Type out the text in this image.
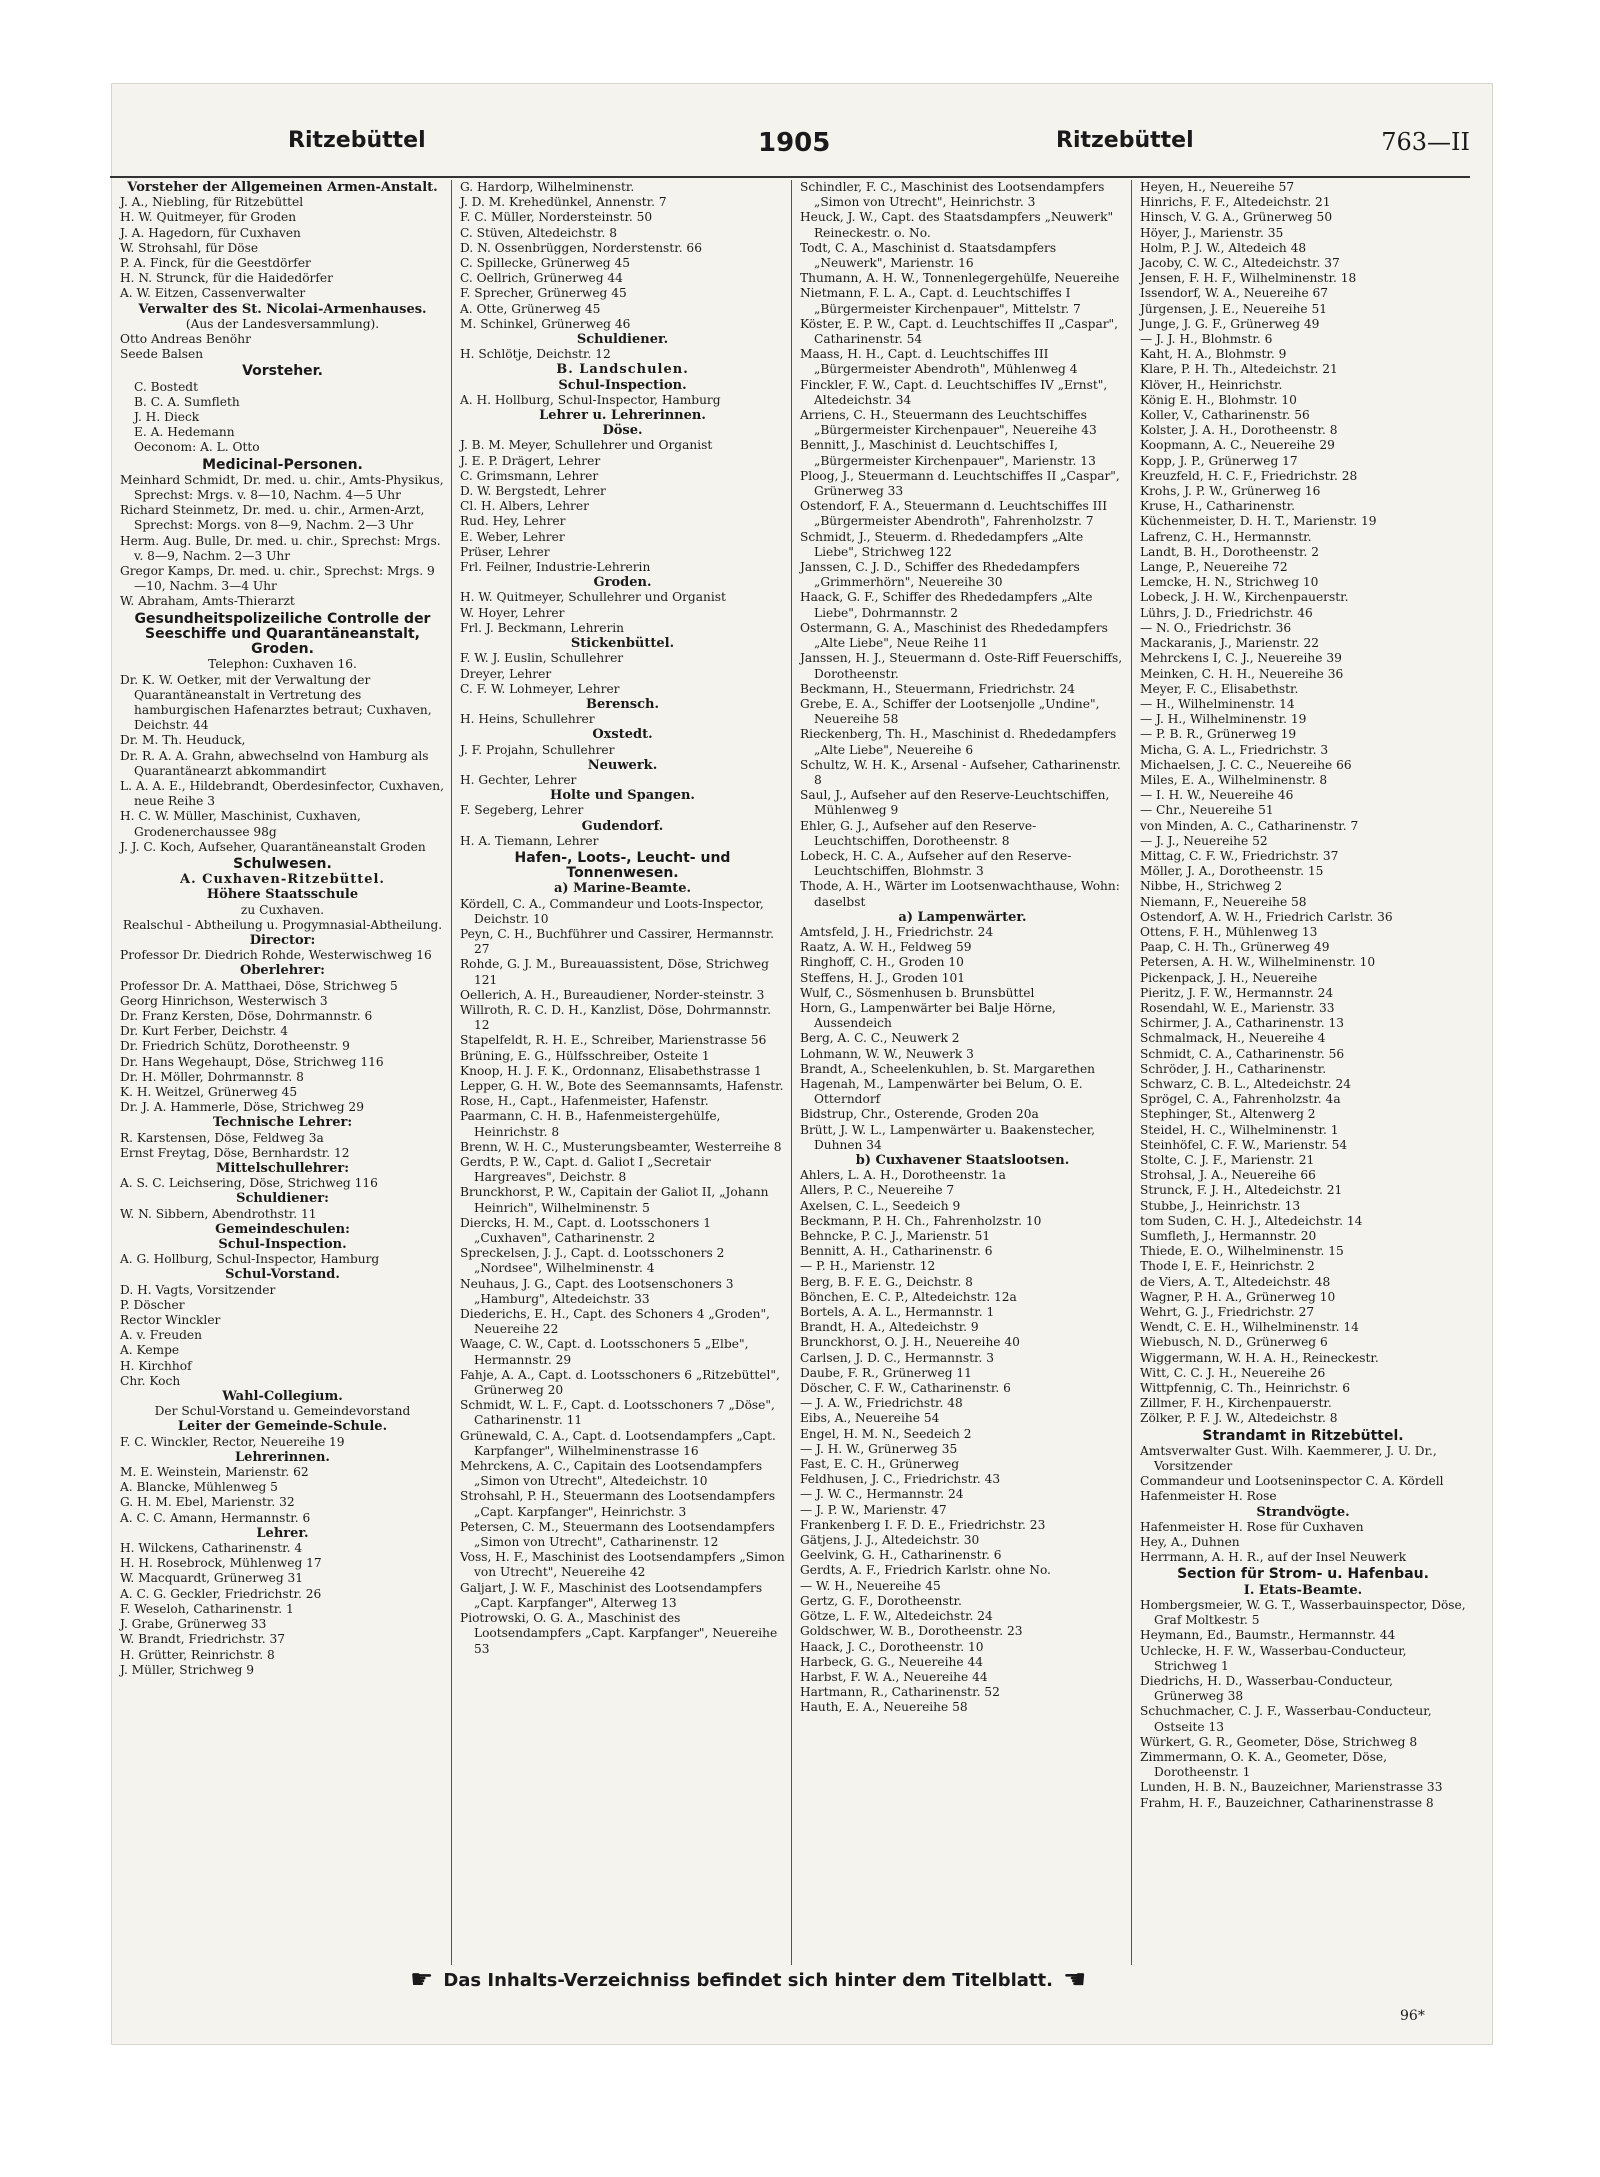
Ritzebüttel	1905	Ritzebüttel	763—II

Vorsteher der Allgemeinen Armen-Anstalt.

J. A., Niebling, für Ritzebüttel

H. W. Quitmeyer, für Groden

J. A. Hagedorn, für Cuxhaven

W. Strohsahl, für Döse

P. A. Finck, für die Geestdörfer

H. N. Strunck, für die Haidedörfer

A. W. Eitzen, Cassenverwalter

Verwalter des St. Nicolai-Armenhauses.

(Aus der Landesversammlung).

Otto Andreas Benöhr

Seede Balsen

Vorsteher.

C. Bostedt

B. C. A. Sumfleth

J. H. Dieck

E. A. Hedemann

Oeconom: A. L. Otto

Medicinal-Personen.

Meinhard Schmidt, Dr. med. u. chir., Amts-Physikus, Sprechst: Mrgs. v. 8—10, Nachm. 4—5 Uhr

Richard Steinmetz, Dr. med. u. chir., Armen-Arzt, Sprechst: Morgs. von 8—9, Nachm. 2—3 Uhr

Herm. Aug. Bulle, Dr. med. u. chir., Sprechst: Mrgs. v. 8—9, Nachm. 2—3 Uhr

Gregor Kamps, Dr. med. u. chir., Sprechst: Mrgs. 9—10, Nachm. 3—4 Uhr

W. Abraham, Amts-Thierarzt

Gesundheitspolizeiliche Controlle der Seeschiffe und Quarantäneanstalt, Groden.

Telephon: Cuxhaven 16.

Dr. K. W. Oetker, mit der Verwaltung der Quarantäneanstalt in Vertretung des hamburgischen Hafenarztes betraut; Cuxhaven, Deichstr. 44

Dr. M. Th. Heuduck,

Dr. R. A. A. Grahn, abwechselnd von Hamburg als Quarantänearzt abkommandirt

L. A. A. E., Hildebrandt, Oberdesinfector, Cuxhaven, neue Reihe 3

H. C. W. Müller, Maschinist, Cuxhaven, Grodenerchaussee 98g

J. J. C. Koch, Aufseher, Quarantäneanstalt Groden

Schulwesen.

A. Cuxhaven-Ritzebüttel.

Höhere Staatsschule

zu Cuxhaven.

Realschul - Abtheilung u. Progymnasial-Abtheilung.

Director:

Professor Dr. Diedrich Rohde, Westerwischweg 16

Oberlehrer:

Professor Dr. A. Matthaei, Döse, Strichweg 5

Georg Hinrichson, Westerwisch 3

Dr. Franz Kersten, Döse, Dohrmannstr. 6

Dr. Kurt Ferber, Deichstr. 4

Dr. Friedrich Schütz, Dorotheenstr. 9

Dr. Hans Wegehaupt, Döse, Strichweg 116

Dr. H. Möller, Dohrmannstr. 8

K. H. Weitzel, Grünerweg 45

Dr. J. A. Hammerle, Döse, Strichweg 29

Technische Lehrer:

R. Karstensen, Döse, Feldweg 3a

Ernst Freytag, Döse, Bernhardstr. 12

Mittelschullehrer:

A. S. C. Leichsering, Döse, Strichweg 116

Schuldiener:

W. N. Sibbern, Abendrothstr. 11

Gemeindeschulen:

Schul-Inspection.

A. G. Hollburg, Schul-Inspector, Hamburg

Schul-Vorstand.

D. H. Vagts, Vorsitzender

P. Döscher

Rector Winckler

A. v. Freuden

A. Kempe

H. Kirchhof

Chr. Koch

Wahl-Collegium.

Der Schul-Vorstand u. Gemeindevorstand

Leiter der Gemeinde-Schule.

F. C. Winckler, Rector, Neuereihe 19

Lehrerinnen.

M. E. Weinstein, Marienstr. 62

A. Blancke, Mühlenweg 5

G. H. M. Ebel, Marienstr. 32

A. C. C. Amann, Hermannstr. 6

Lehrer.

H. Wilckens, Catharinenstr. 4

H. H. Rosebrock, Mühlenweg 17

W. Macquardt, Grünerweg 31

A. C. G. Geckler, Friedrichstr. 26

F. Weseloh, Catharinenstr. 1

J. Grabe, Grünerweg 33

W. Brandt, Friedrichstr. 37

H. Grütter, Reinrichstr. 8

J. Müller, Strichweg 9

G. Hardorp, Wilhelminenstr.

J. D. M. Krehedünkel, Annenstr. 7

F. C. Müller, Nordersteinstr. 50

C. Stüven, Altedeichstr. 8

D. N. Ossenbrüggen, Norderstenstr. 66

C. Spillecke, Grünerweg 45

C. Oellrich, Grünerweg 44

F. Sprecher, Grünerweg 45

A. Otte, Grünerweg 45

M. Schinkel, Grünerweg 46

Schuldiener.

H. Schlötje, Deichstr. 12

B. Landschulen.

Schul-Inspection.

A. H. Hollburg, Schul-Inspector, Hamburg

Lehrer u. Lehrerinnen.

Döse.

J. B. M. Meyer, Schullehrer und Organist

J. E. P. Drägert, Lehrer

C. Grimsmann, Lehrer

D. W. Bergstedt, Lehrer

Cl. H. Albers, Lehrer

Rud. Hey, Lehrer

E. Weber, Lehrer

Prüser, Lehrer

Frl. Feilner, Industrie-Lehrerin

Groden.

H. W. Quitmeyer, Schullehrer und Organist

W. Hoyer, Lehrer

Frl. J. Beckmann, Lehrerin

Stickenbüttel.

F. W. J. Euslin, Schullehrer

Dreyer, Lehrer

C. F. W. Lohmeyer, Lehrer

Berensch.

H. Heins, Schullehrer

Oxstedt.

J. F. Projahn, Schullehrer

Neuwerk.

H. Gechter, Lehrer

Holte und Spangen.

F. Segeberg, Lehrer

Gudendorf.

H. A. Tiemann, Lehrer

Hafen-, Loots-, Leucht- und Tonnenwesen.

a) Marine-Beamte.

Kördell, C. A., Commandeur und Loots-Inspector, Deichstr. 10

Peyn, C. H., Buchführer und Cassirer, Hermannstr. 27

Rohde, G. J. M., Bureauassistent, Döse, Strichweg 121

Oellerich, A. H., Bureaudiener, Norder-steinstr. 3

Willroth, R. C. D. H., Kanzlist, Döse, Dohrmannstr. 12

Stapelfeldt, R. H. E., Schreiber, Marienstrasse 56

Brüning, E. G., Hülfsschreiber, Osteite 1

Knoop, H. J. F. K., Ordonnanz, Elisabethstrasse 1

Lepper, G. H. W., Bote des Seemannsamts, Hafenstr.

Rose, H., Capt., Hafenmeister, Hafenstr.

Paarmann, C. H. B., Hafenmeistergehülfe, Heinrichstr. 8

Brenn, W. H. C., Musterungsbeamter, Westerreihe 8

Gerdts, P. W., Capt. d. Galiot I „Secretair Hargreaves", Deichstr. 8

Brunckhorst, P. W., Capitain der Galiot II, „Johann Heinrich", Wilhelminenstr. 5

Diercks, H. M., Capt. d. Lootsschoners 1 „Cuxhaven", Catharinenstr. 2

Spreckelsen, J. J., Capt. d. Lootsschoners 2 „Nordsee", Wilhelminenstr. 4

Neuhaus, J. G., Capt. des Lootsenschoners 3 „Hamburg", Altedeichstr. 33

Diederichs, E. H., Capt. des Schoners 4 „Groden", Neuereihe 22

Waage, C. W., Capt. d. Lootsschoners 5 „Elbe", Hermannstr. 29

Fahje, A. A., Capt. d. Lootsschoners 6 „Ritzebüttel", Grünerweg 20

Schmidt, W. L. F., Capt. d. Lootsschoners 7 „Döse", Catharinenstr. 11

Grünewald, C. A., Capt. d. Lootsendampfers „Capt. Karpfanger", Wilhelminenstrasse 16

Mehrckens, A. C., Capitain des Lootsendampfers „Simon von Utrecht", Altedeichstr. 10

Strohsahl, P. H., Steuermann des Lootsendampfers „Capt. Karpfanger", Heinrichstr. 3

Petersen, C. M., Steuermann des Lootsendampfers „Simon von Utrecht", Catharinenstr. 12

Voss, H. F., Maschinist des Lootsendampfers „Simon von Utrecht", Neuereihe 42

Galjart, J. W. F., Maschinist des Lootsendampfers „Capt. Karpfanger", Alterweg 13

Piotrowski, O. G. A., Maschinist des Lootsendampfers „Capt. Karpfanger", Neuereihe 53

Schindler, F. C., Maschinist des Lootsendampfers „Simon von Utrecht", Heinrichstr. 3

Heuck, J. W., Capt. des Staatsdampfers „Neuwerk" Reineckestr. o. No.

Todt, C. A., Maschinist d. Staatsdampfers „Neuwerk", Marienstr. 16

Thumann, A. H. W., Tonnenlegergehülfe, Neuereihe

Nietmann, F. L. A., Capt. d. Leuchtschiffes I „Bürgermeister Kirchenpauer", Mittelstr. 7

Köster, E. P. W., Capt. d. Leuchtschiffes II „Caspar", Catharinenstr. 54

Maass, H. H., Capt. d. Leuchtschiffes III „Bürgermeister Abendroth", Mühlenweg 4

Finckler, F. W., Capt. d. Leuchtschiffes IV „Ernst", Altedeichstr. 34

Arriens, C. H., Steuermann des Leuchtschiffes „Bürgermeister Kirchenpauer", Neuereihe 43

Bennitt, J., Maschinist d. Leuchtschiffes I, „Bürgermeister Kirchenpauer", Marienstr. 13

Ploog, J., Steuermann d. Leuchtschiffes II „Caspar", Grünerweg 33

Ostendorf, F. A., Steuermann d. Leuchtschiffes III „Bürgermeister Abendroth", Fahrenholzstr. 7

Schmidt, J., Steuerm. d. Rhededampfers „Alte Liebe", Strichweg 122

Janssen, C. J. D., Schiffer des Rhededampfers „Grimmerhörn", Neuereihe 30

Haack, G. F., Schiffer des Rhededampfers „Alte Liebe", Dohrmannstr. 2

Ostermann, G. A., Maschinist des Rhededampfers „Alte Liebe", Neue Reihe 11

Janssen, H. J., Steuermann d. Oste-Riff Feuerschiffs, Dorotheenstr.

Beckmann, H., Steuermann, Friedrichstr. 24

Grebe, E. A., Schiffer der Lootsenjolle „Undine", Neuereihe 58

Rieckenberg, Th. H., Maschinist d. Rhededampfers „Alte Liebe", Neuereihe 6

Schultz, W. H. K., Arsenal - Aufseher, Catharinenstr. 8

Saul, J., Aufseher auf den Reserve-Leuchtschiffen, Mühlenweg 9

Ehler, G. J., Aufseher auf den Reserve-Leuchtschiffen, Dorotheenstr. 8

Lobeck, H. C. A., Aufseher auf den Reserve-Leuchtschiffen, Blohmstr. 3

Thode, A. H., Wärter im Lootsenwachthause, Wohn: daselbst

a) Lampenwärter.

Amtsfeld, J. H., Friedrichstr. 24

Raatz, A. W. H., Feldweg 59

Ringhoff, C. H., Groden 10

Steffens, H. J., Groden 101

Wulf, C., Sösmenhusen b. Brunsbüttel

Horn, G., Lampenwärter bei Balje Hörne, Aussendeich

Berg, A. C. C., Neuwerk 2

Lohmann, W. W., Neuwerk 3

Brandt, A., Scheelenkuhlen, b. St. Margarethen

Hagenah, M., Lampenwärter bei Belum, O. E. Otterndorf

Bidstrup, Chr., Osterende, Groden 20a

Brütt, J. W. L., Lampenwärter u. Baakenstecher, Duhnen 34

b) Cuxhavener Staatslootsen.

Ahlers, L. A. H., Dorotheenstr. 1a

Allers, P. C., Neuereihe 7

Axelsen, C. L., Seedeich 9

Beckmann, P. H. Ch., Fahrenholzstr. 10

Behncke, P. C. J., Marienstr. 51

Bennitt, A. H., Catharinenstr. 6

— P. H., Marienstr. 12

Berg, B. F. E. G., Deichstr. 8

Bönchen, E. C. P., Altedeichstr. 12a

Bortels, A. A. L., Hermannstr. 1

Brandt, H. A., Altedeichstr. 9

Brunckhorst, O. J. H., Neuereihe 40

Carlsen, J. D. C., Hermannstr. 3

Daube, F. R., Grünerweg 11

Döscher, C. F. W., Catharinenstr. 6

— J. A. W., Friedrichstr. 48

Eibs, A., Neuereihe 54

Engel, H. M. N., Seedeich 2

— J. H. W., Grünerweg 35

Fast, E. C. H., Grünerweg

Feldhusen, J. C., Friedrichstr. 43

— J. W. C., Hermannstr. 24

— J. P. W., Marienstr. 47

Frankenberg I. F. D. E., Friedrichstr. 23

Gätjens, J. J., Altedeichstr. 30

Geelvink, G. H., Catharinenstr. 6

Gerdts, A. F., Friedrich Karlstr. ohne No.

— W. H., Neuereihe 45

Gertz, G. F., Dorotheenstr.

Götze, L. F. W., Altedeichstr. 24

Goldschwer, W. B., Dorotheenstr. 23

Haack, J. C., Dorotheenstr. 10

Harbeck, G. G., Neuereihe 44

Harbst, F. W. A., Neuereihe 44

Hartmann, R., Catharinenstr. 52

Hauth, E. A., Neuereihe 58

Heyen, H., Neuereihe 57

Hinrichs, F. F., Altedeichstr. 21

Hinsch, V. G. A., Grünerweg 50

Höyer, J., Marienstr. 35

Holm, P. J. W., Altedeich 48

Jacoby, C. W. C., Altedeichstr. 37

Jensen, F. H. F., Wilhelminenstr. 18

Issendorf, W. A., Neuereihe 67

Jürgensen, J. E., Neuereihe 51

Junge, J. G. F., Grünerweg 49

— J. J. H., Blohmstr. 6

Kaht, H. A., Blohmstr. 9

Klare, P. H. Th., Altedeichstr. 21

Klöver, H., Heinrichstr.

König E. H., Blohmstr. 10

Koller, V., Catharinenstr. 56

Kolster, J. A. H., Dorotheenstr. 8

Koopmann, A. C., Neuereihe 29

Kopp, J. P., Grünerweg 17

Kreuzfeld, H. C. F., Friedrichstr. 28

Krohs, J. P. W., Grünerweg 16

Kruse, H., Catharinenstr.

Küchenmeister, D. H. T., Marienstr. 19

Lafrenz, C. H., Hermannstr.

Landt, B. H., Dorotheenstr. 2

Lange, P., Neuereihe 72

Lemcke, H. N., Strichweg 10

Lobeck, J. H. W., Kirchenpauerstr.

Lührs, J. D., Friedrichstr. 46

— N. O., Friedrichstr. 36

Mackaranis, J., Marienstr. 22

Mehrckens I, C. J., Neuereihe 39

Meinken, C. H. H., Neuereihe 36

Meyer, F. C., Elisabethstr.

— H., Wilhelminenstr. 14

— J. H., Wilhelminenstr. 19

— P. B. R., Grünerweg 19

Micha, G. A. L., Friedrichstr. 3

Michaelsen, J. C. C., Neuereihe 66

Miles, E. A., Wilhelminenstr. 8

— I. H. W., Neuereihe 46

— Chr., Neuereihe 51

von Minden, A. C., Catharinenstr. 7

— J. J., Neuereihe 52

Mittag, C. F. W., Friedrichstr. 37

Möller, J. A., Dorotheenstr. 15

Nibbe, H., Strichweg 2

Niemann, F., Neuereihe 58

Ostendorf, A. W. H., Friedrich Carlstr. 36

Ottens, F. H., Mühlenweg 13

Paap, C. H. Th., Grünerweg 49

Petersen, A. H. W., Wilhelminenstr. 10

Pickenpack, J. H., Neuereihe

Pieritz, J. F. W., Hermannstr. 24

Rosendahl, W. E., Marienstr. 33

Schirmer, J. A., Catharinenstr. 13

Schmalmack, H., Neuereihe 4

Schmidt, C. A., Catharinenstr. 56

Schröder, J. H., Catharinenstr.

Schwarz, C. B. L., Altedeichstr. 24

Sprögel, C. A., Fahrenholzstr. 4a

Stephinger, St., Altenwerg 2

Steidel, H. C., Wilhelminenstr. 1

Steinhöfel, C. F. W., Marienstr. 54

Stolte, C. J. F., Marienstr. 21

Strohsal, J. A., Neuereihe 66

Strunck, F. J. H., Altedeichstr. 21

Stubbe, J., Heinrichstr. 13

tom Suden, C. H. J., Altedeichstr. 14

Sumfleth, J., Hermannstr. 20

Thiede, E. O., Wilhelminenstr. 15

Thode I, E. F., Heinrichstr. 2

de Viers, A. T., Altedeichstr. 48

Wagner, P. H. A., Grünerweg 10

Wehrt, G. J., Friedrichstr. 27

Wendt, C. E. H., Wilhelminenstr. 14

Wiebusch, N. D., Grünerweg 6

Wiggermann, W. H. A. H., Reineckestr.

Witt, C. C. J. H., Neuereihe 26

Wittpfennig, C. Th., Heinrichstr. 6

Zillmer, F. H., Kirchenpauerstr.

Zölker, P. F. J. W., Altedeichstr. 8

Strandamt in Ritzebüttel.

Amtsverwalter Gust. Wilh. Kaemmerer, J. U. Dr., Vorsitzender

Commandeur und Lootseninspector C. A. Kördell

Hafenmeister H. Rose

Strandvögte.

Hafenmeister H. Rose für Cuxhaven

Hey, A., Duhnen

Herrmann, A. H. R., auf der Insel Neuwerk

Section für Strom- u. Hafenbau.

I. Etats-Beamte.

Hombergsmeier, W. G. T., Wasserbauinspector, Döse, Graf Moltkestr. 5

Heymann, Ed., Baumstr., Hermannstr. 44

Uchlecke, H. F. W., Wasserbau-Conducteur, Strichweg 1

Diedrichs, H. D., Wasserbau-Conducteur, Grünerweg 38

Schuchmacher, C. J. F., Wasserbau-Conducteur, Ostseite 13

Würkert, G. R., Geometer, Döse, Strichweg 8

Zimmermann, O. K. A., Geometer, Döse, Dorotheenstr. 1

Lunden, H. B. N., Bauzeichner, Marienstrasse 33

Frahm, H. F., Bauzeichner, Catharinenstrasse 8

☛ Das Inhalts-Verzeichniss befindet sich hinter dem Titelblatt. ☚
96*
